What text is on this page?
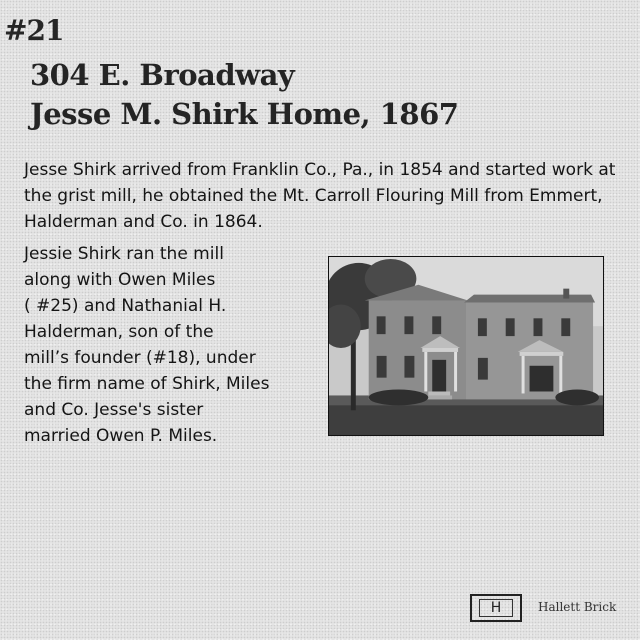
#21
304 E. Broadway
Jesse M. Shirk Home, 1867

Jesse Shirk arrived from Franklin Co., Pa., in 1854 and started work at the grist mill, he obtained the Mt. Carroll Flouring Mill from Emmert, Halderman and Co. in 1864.

Jessie Shirk ran the mill
along with Owen Miles
( #25) and Nathanial H.
Halderman, son of the
mill’s founder (#18), under
the firm name of Shirk, Miles
and Co. Jesse's sister
married Owen P. Miles.
H	Hallett Brick
